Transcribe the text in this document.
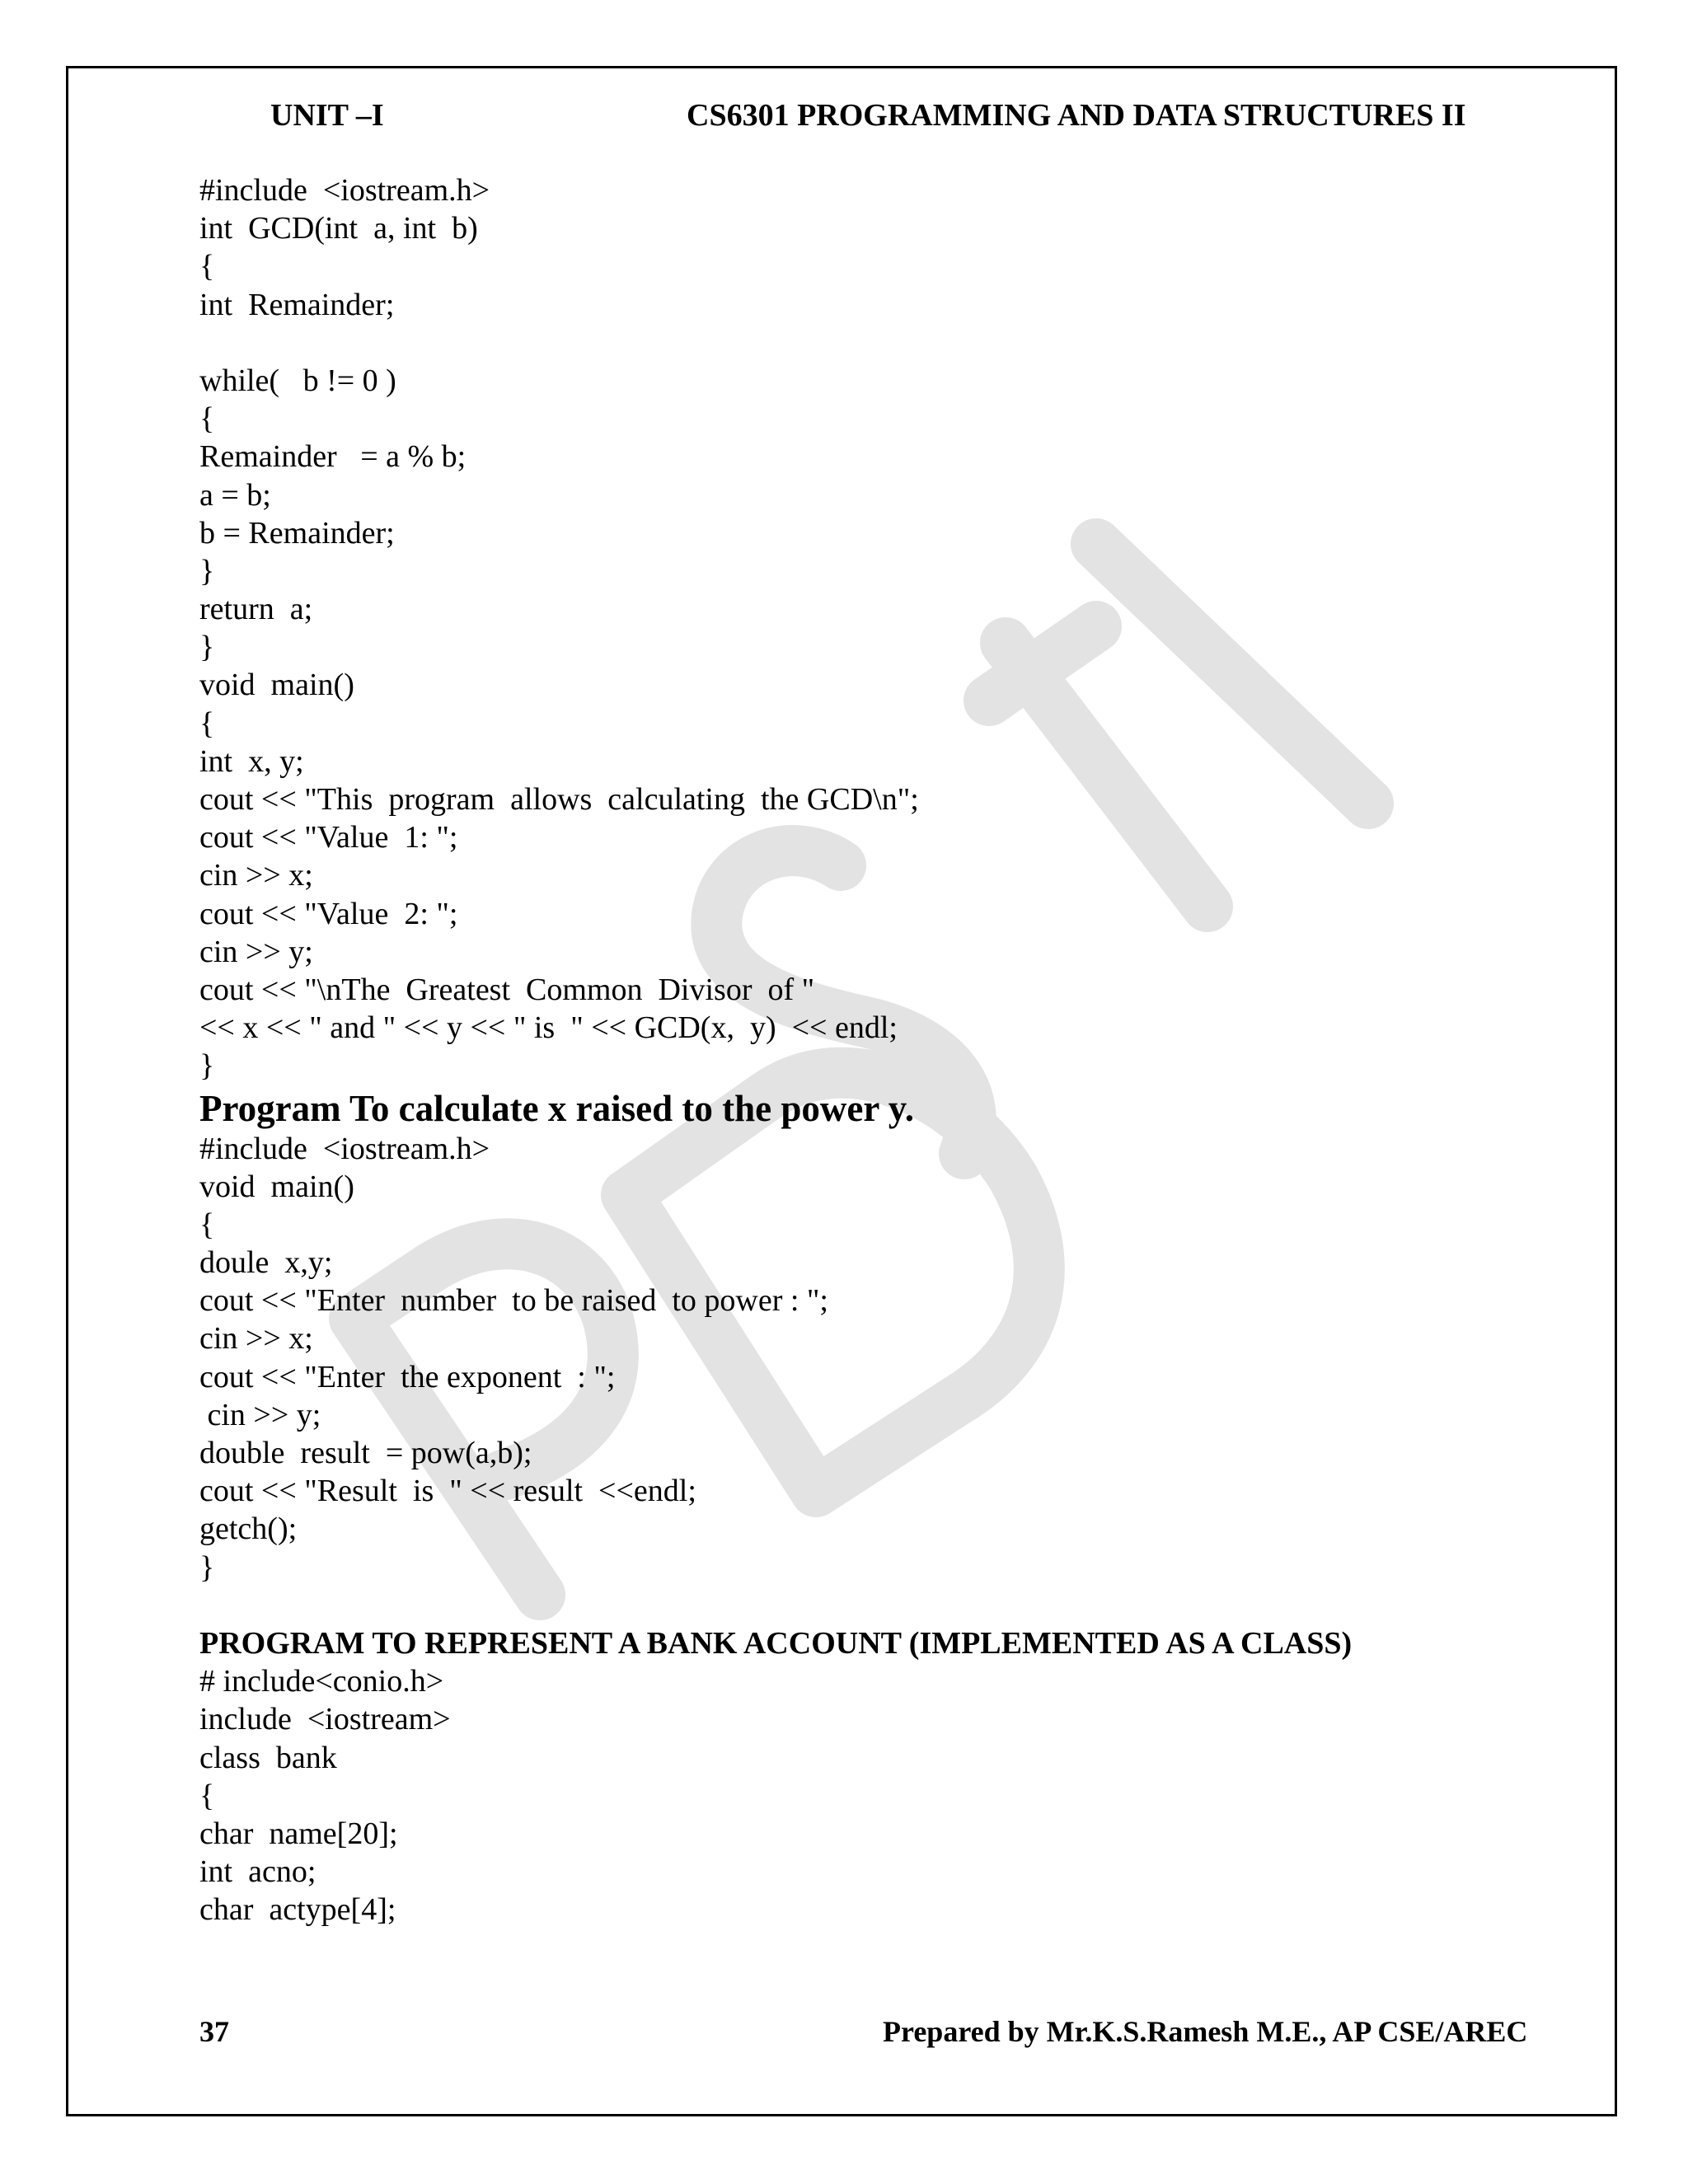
UNIT –I	CS6301 PROGRAMMING AND DATA STRUCTURES II
#include  <iostream.h>
int  GCD(int  a, int  b)
{
int  Remainder;
while(   b != 0 )
{
Remainder   = a % b;
a = b;
b = Remainder;
}
return  a;
}
void  main()
{
int  x, y;
cout << "This  program  allows  calculating  the GCD\n";
cout << "Value  1: ";
cin >> x;
cout << "Value  2: ";
cin >> y;
cout << "\nThe  Greatest  Common  Divisor  of "
<< x << " and " << y << " is  " << GCD(x,  y)  << endl;
}
Program To calculate x raised to the power y.
#include  <iostream.h>
void  main()
{
doule  x,y;
cout << "Enter  number  to be raised  to power : ";
cin >> x;
cout << "Enter  the exponent  : ";
cin >> y;
double  result  = pow(a,b);
cout << "Result  is  " << result  <<endl;
getch();
}
PROGRAM TO REPRESENT A BANK ACCOUNT (IMPLEMENTED AS A CLASS)
# include<conio.h>
include  <iostream>
class  bank
{
char  name[20];
int  acno;
char  actype[4];
37	Prepared by Mr.K.S.Ramesh M.E., AP CSE/AREC
